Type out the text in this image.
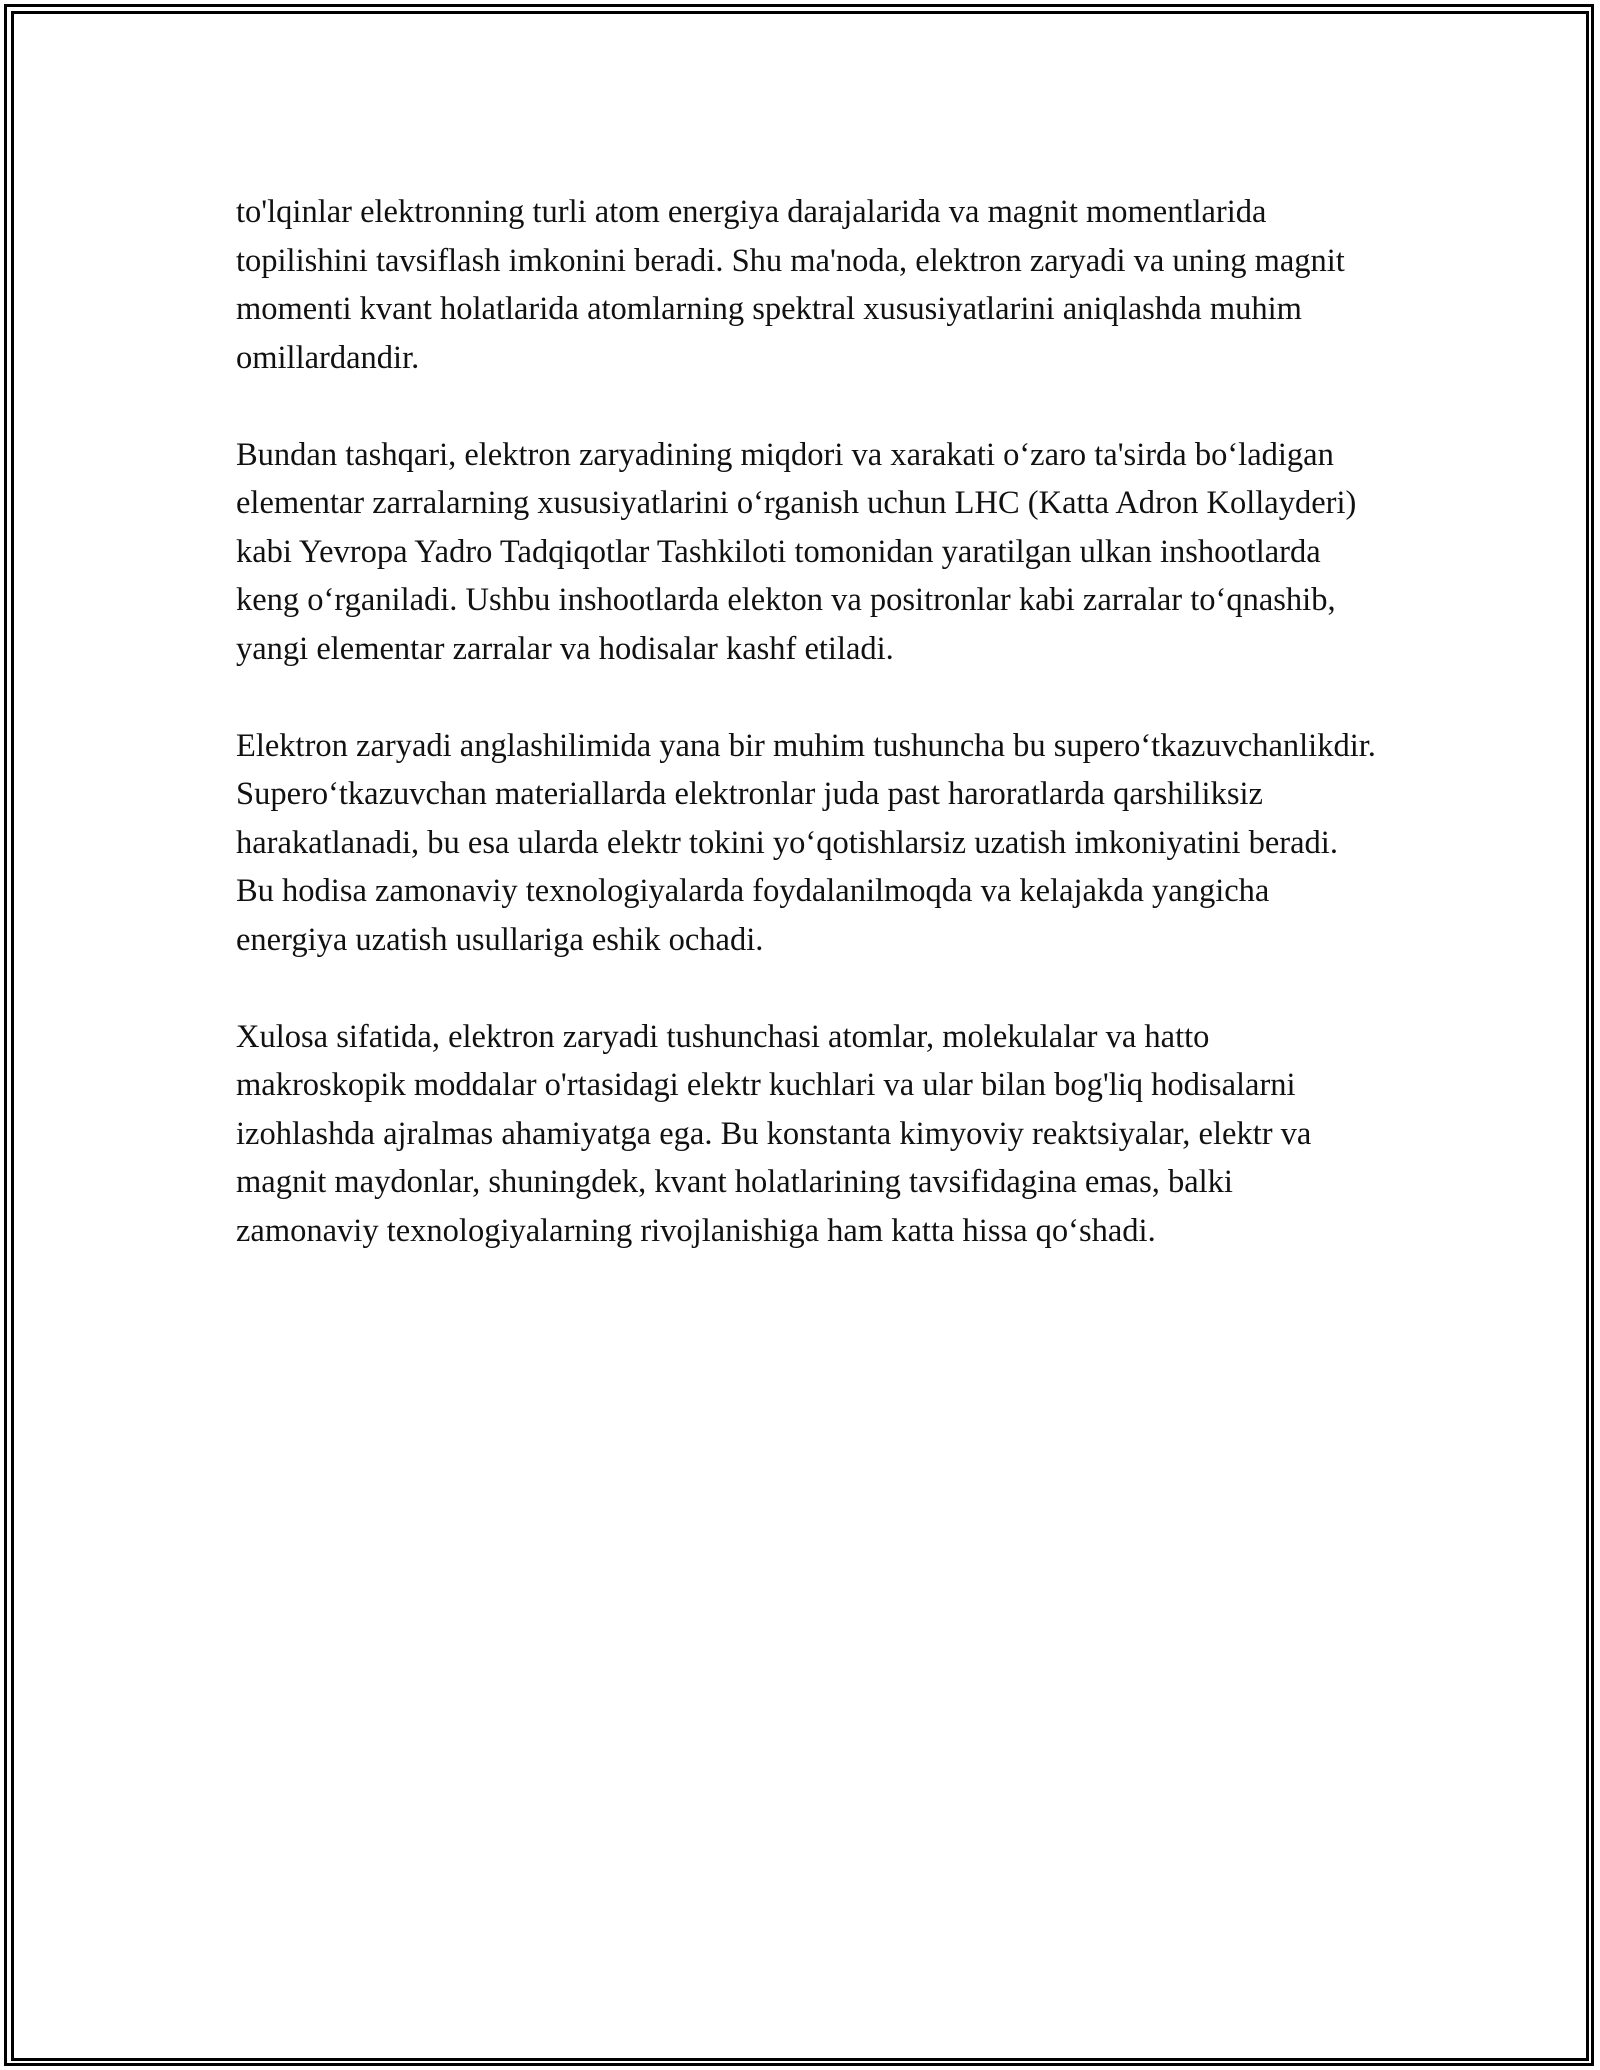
to'lqinlar elektronning turli atom energiya darajalarida va magnit momentlarida topilishini tavsiflash imkonini beradi. Shu ma'noda, elektron zaryadi va uning magnit momenti kvant holatlarida atomlarning spektral xususiyatlarini aniqlashda muhim omillardandir.

Bundan tashqari, elektron zaryadining miqdori va xarakati o‘zaro ta'sirda bo‘ladigan elementar zarralarning xususiyatlarini o‘rganish uchun LHC (Katta Adron Kollayderi) kabi Yevropa Yadro Tadqiqotlar Tashkiloti tomonidan yaratilgan ulkan inshootlarda keng o‘rganiladi. Ushbu inshootlarda elekton va positronlar kabi zarralar to‘qnashib, yangi elementar zarralar va hodisalar kashf etiladi.

Elektron zaryadi anglashilimida yana bir muhim tushuncha bu supero‘tkazuvchanlikdir. Supero‘tkazuvchan materiallarda elektronlar juda past haroratlarda qarshiliksiz harakatlanadi, bu esa ularda elektr tokini yo‘qotishlarsiz uzatish imkoniyatini beradi. Bu hodisa zamonaviy texnologiyalarda foydalanilmoqda va kelajakda yangicha energiya uzatish usullariga eshik ochadi.

Xulosa sifatida, elektron zaryadi tushunchasi atomlar, molekulalar va hatto makroskopik moddalar o'rtasidagi elektr kuchlari va ular bilan bog'liq hodisalarni izohlashda ajralmas ahamiyatga ega. Bu konstanta kimyoviy reaktsiyalar, elektr va magnit maydonlar, shuningdek, kvant holatlarining tavsifidagina emas, balki zamonaviy texnologiyalarning rivojlanishiga ham katta hissa qo‘shadi.
